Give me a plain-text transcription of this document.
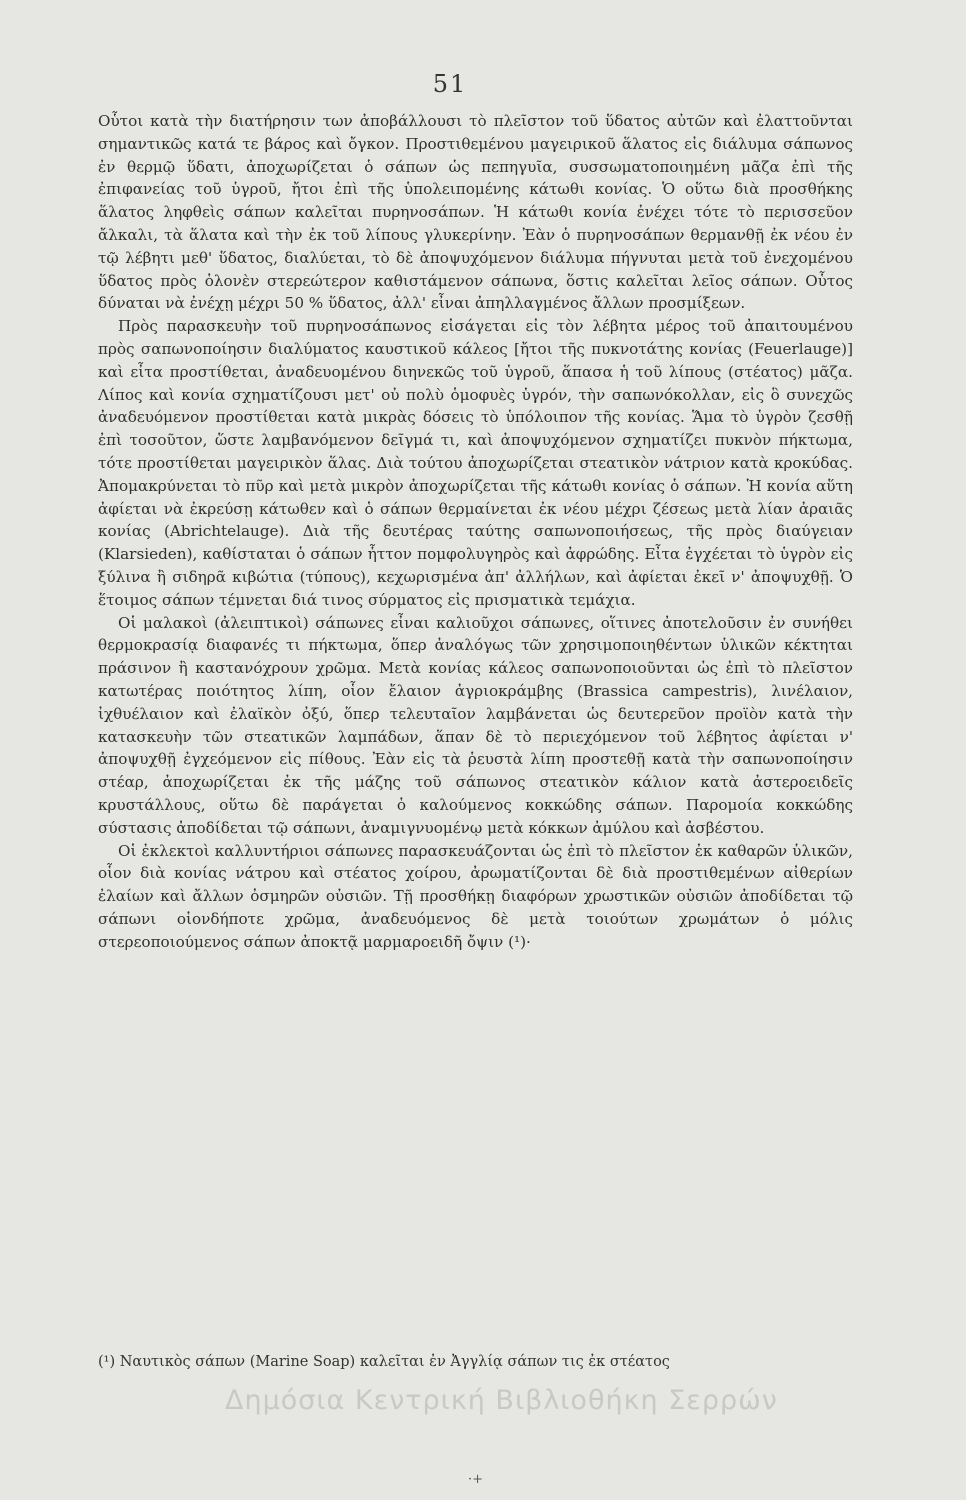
51

Οὗτοι κατὰ τὴν διατήρησιν των ἀποβάλλουσι τὸ πλεῖστον τοῦ ὕδατος αὐτῶν καὶ ἐλαττοῦνται σημαντικῶς κατά τε βάρος καὶ ὄγκον. Προστιθεμένου μαγειρικοῦ ἅλατος εἰς διάλυμα σάπωνος ἐν θερμῷ ὕδατι, ἀποχωρίζεται ὁ σάπων ὡς πεπηγυῖα, συσσωματοποιημένη μᾶζα ἐπὶ τῆς ἐπιφανείας τοῦ ὑγροῦ, ἤτοι ἐπὶ τῆς ὑπολειπομένης κάτωθι κονίας. Ὁ οὕτω διὰ προσθήκης ἅλατος ληφθεὶς σάπων καλεῖται πυρηνοσάπων. Ἡ κάτωθι κονία ἐνέχει τότε τὸ περισσεῦον ἄλκαλι, τὰ ἅλατα καὶ τὴν ἐκ τοῦ λίπους γλυκερίνην. Ἐὰν ὁ πυρηνοσάπων θερμανθῇ ἐκ νέου ἐν τῷ λέβητι μεθ' ὕδατος, διαλύεται, τὸ δὲ ἀποψυχόμενον διάλυμα πήγνυται μετὰ τοῦ ἐνεχομένου ὕδατος πρὸς ὁλονὲν στερεώτερον καθιστάμενον σάπωνα, ὅστις καλεῖται λεῖος σάπων. Οὗτος δύναται νὰ ἐνέχῃ μέχρι 50 % ὕδατος, ἀλλ' εἶναι ἀπηλλαγμένος ἄλλων προσμίξεων.

Πρὸς παρασκευὴν τοῦ πυρηνοσάπωνος εἰσάγεται εἰς τὸν λέβητα μέρος τοῦ ἀπαιτουμένου πρὸς σαπωνοποίησιν διαλύματος καυστικοῦ κάλεος [ἤτοι τῆς πυκνοτάτης κονίας (Feuerlauge)] καὶ εἶτα προστίθεται, ἀναδευομένου διηνεκῶς τοῦ ὑγροῦ, ἅπασα ἡ τοῦ λίπους (στέατος) μᾶζα. Λίπος καὶ κονία σχηματίζουσι μετ' οὐ πολὺ ὁμοφυὲς ὑγρόν, τὴν σαπωνόκολλαν, εἰς ὃ συνεχῶς ἀναδευόμενον προστίθεται κατὰ μικρὰς δόσεις τὸ ὑπόλοιπον τῆς κονίας. Ἅμα τὸ ὑγρὸν ζεσθῇ ἐπὶ τοσοῦτον, ὥστε λαμβανόμενον δεῖγμά τι, καὶ ἀποψυχόμενον σχηματίζει πυκνὸν πήκτωμα, τότε προστίθεται μαγειρικὸν ἅλας. Διὰ τούτου ἀποχωρίζεται στεατικὸν νάτριον κατὰ κροκύδας. Ἀπομακρύνεται τὸ πῦρ καὶ μετὰ μικρὸν ἀποχωρίζεται τῆς κάτωθι κονίας ὁ σάπων. Ἡ κονία αὕτη ἀφίεται νὰ ἐκρεύσῃ κάτωθεν καὶ ὁ σάπων θερμαίνεται ἐκ νέου μέχρι ζέσεως μετὰ λίαν ἀραιᾶς κονίας (Abrichtelauge). Διὰ τῆς δευτέρας ταύτης σαπωνοποιήσεως, τῆς πρὸς διαύγειαν (Klarsieden), καθίσταται ὁ σάπων ἧττον πομφολυγηρὸς καὶ ἀφρώδης. Εἶτα ἐγχέεται τὸ ὑγρὸν εἰς ξύλινα ἢ σιδηρᾶ κιβώτια (τύπους), κεχωρισμένα ἀπ' ἀλλήλων, καὶ ἀφίεται ἐκεῖ ν' ἀποψυχθῇ. Ὁ ἕτοιμος σάπων τέμνεται διά τινος σύρματος εἰς πρισματικὰ τεμάχια.

Οἱ μαλακοὶ (ἀλειπτικοὶ) σάπωνες εἶναι καλιοῦχοι σάπωνες, οἵτινες ἀποτελοῦσιν ἐν συνήθει θερμοκρασίᾳ διαφανές τι πήκτωμα, ὅπερ ἀναλόγως τῶν χρησιμοποιηθέντων ὑλικῶν κέκτηται πράσινον ἢ καστανόχρουν χρῶμα. Μετὰ κονίας κάλεος σαπωνοποιοῦνται ὡς ἐπὶ τὸ πλεῖστον κατωτέρας ποιότητος λίπη, οἷον ἔλαιον ἀγριοκράμβης (Brassica campestris), λινέλαιον, ἰχθυέλαιον καὶ ἐλαϊκὸν ὀξύ, ὅπερ τελευταῖον λαμβάνεται ὡς δευτερεῦον προϊὸν κατὰ τὴν κατασκευὴν τῶν στεατικῶν λαμπάδων, ἅπαν δὲ τὸ περιεχόμενον τοῦ λέβητος ἀφίεται ν' ἀποψυχθῇ ἐγχεόμενον εἰς πίθους. Ἐὰν εἰς τὰ ῥευστὰ λίπη προστεθῇ κατὰ τὴν σαπωνοποίησιν στέαρ, ἀποχωρίζεται ἐκ τῆς μάζης τοῦ σάπωνος στεατικὸν κάλιον κατὰ ἀστεροειδεῖς κρυστάλλους, οὕτω δὲ παράγεται ὁ καλούμενος κοκκώδης σάπων. Παρομοία κοκκώδης σύστασις ἀποδίδεται τῷ σάπωνι, ἀναμιγνυομένῳ μετὰ κόκκων ἀμύλου καὶ ἀσβέστου.

Οἱ ἐκλεκτοὶ καλλυντήριοι σάπωνες παρασκευάζονται ὡς ἐπὶ τὸ πλεῖστον ἐκ καθαρῶν ὑλικῶν, οἷον διὰ κονίας νάτρου καὶ στέατος χοίρου, ἀρωματίζονται δὲ διὰ προστιθεμένων αἰθερίων ἐλαίων καὶ ἄλλων ὀσμηρῶν οὐσιῶν. Τῇ προσθήκῃ διαφόρων χρωστικῶν οὐσιῶν ἀποδίδεται τῷ σάπωνι οἱονδήποτε χρῶμα, ἀναδευόμενος δὲ μετὰ τοιούτων χρωμάτων ὁ μόλις στερεοποιούμενος σάπων ἀποκτᾷ μαρμαροειδῆ ὄψιν (¹)·

(¹) Ναυτικὸς σάπων (Marine Soap) καλεῖται ἐν Ἀγγλίᾳ σάπων τις ἐκ στέατος
Δημόσια Κεντρική Βιβλιοθήκη Σερρών
·+
